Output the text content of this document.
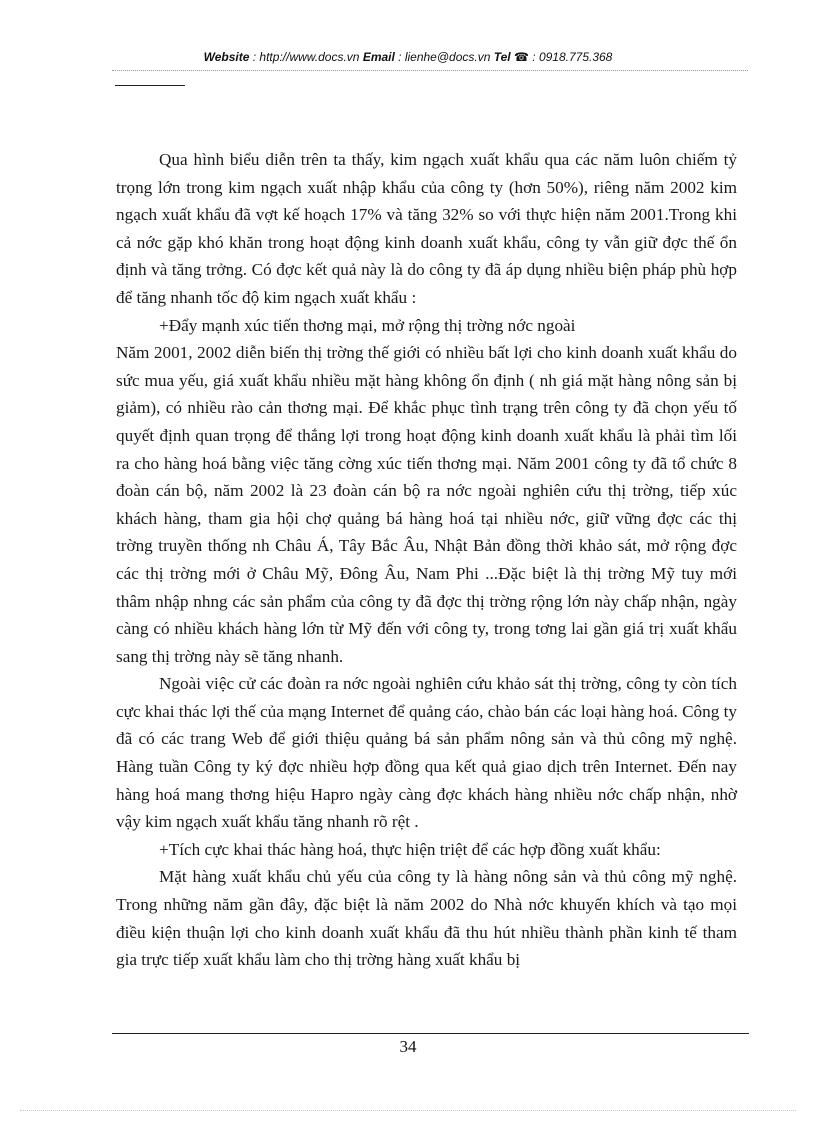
Website : http://www.docs.vn Email : lienhe@docs.vn Tel ☎ : 0918.775.368

Qua hình biểu diễn trên ta thấy, kim ngạch xuất khẩu qua các năm luôn chiếm tỷ trọng lớn trong kim ngạch xuất nhập khẩu của công ty (hơn 50%), riêng năm 2002 kim ngạch xuất khẩu đã vợt kế hoạch 17% và tăng 32% so với thực hiện năm 2001.Trong khi cả nớc gặp khó khăn trong hoạt động kinh doanh xuất khẩu, công ty vẫn giữ đợc thế ổn định và tăng trởng. Có đợc kết quả này là do công ty đã áp dụng nhiều biện pháp phù hợp để tăng nhanh tốc độ kim ngạch xuất khẩu :

+Đẩy mạnh xúc tiến thơng mại, mở rộng thị trờng nớc ngoài

Năm 2001, 2002 diễn biến thị trờng thế giới có nhiều bất lợi cho kinh doanh xuất khẩu do sức mua yếu, giá xuất khẩu nhiều mặt hàng không ổn định ( nh giá mặt hàng nông sản bị giảm), có nhiều rào cản thơng mại. Để khắc phục tình trạng trên công ty đã chọn yếu tố quyết định quan trọng để thắng lợi trong hoạt động kinh doanh xuất khẩu là phải tìm lối ra cho hàng hoá bằng việc tăng cờng xúc tiến thơng mại. Năm 2001 công ty đã tổ chức 8 đoàn cán bộ, năm 2002 là 23 đoàn cán bộ ra nớc ngoài nghiên cứu thị trờng, tiếp xúc khách hàng, tham gia hội chợ quảng bá hàng hoá tại nhiều nớc, giữ vững đợc các thị trờng truyền thống nh Châu Á, Tây Bắc Âu, Nhật Bản đồng thời khảo sát, mở rộng đợc các thị trờng mới ở Châu Mỹ, Đông Âu, Nam Phi ...Đặc biệt là thị trờng Mỹ tuy mới thâm nhập nhng các sản phẩm của công ty đã đợc thị trờng rộng lớn này chấp nhận, ngày càng có nhiều khách hàng lớn từ Mỹ đến với công ty, trong tơng lai gần giá trị xuất khẩu sang thị trờng này sẽ tăng nhanh.

Ngoài việc cử các đoàn ra nớc ngoài nghiên cứu khảo sát thị trờng, công ty còn tích cực khai thác lợi thế của mạng Internet để quảng cáo, chào bán các loại hàng hoá. Công ty đã có các trang Web để giới thiệu quảng bá sản phẩm nông sản và thủ công mỹ nghệ. Hàng tuần Công ty ký đợc nhiều hợp đồng qua kết quả giao dịch trên Internet. Đến nay hàng hoá mang thơng hiệu Hapro ngày càng đợc khách hàng nhiều nớc chấp nhận, nhờ vậy kim ngạch xuất khẩu tăng nhanh rõ rệt .

+Tích cực khai thác hàng hoá, thực hiện triệt để các hợp đồng xuất khẩu:

Mặt hàng xuất khẩu chủ yếu của công ty là hàng nông sản và thủ công mỹ nghệ. Trong những năm gần đây, đặc biệt là năm 2002 do Nhà nớc khuyến khích và tạo mọi điều kiện thuận lợi cho kinh doanh xuất khẩu đã thu hút nhiều thành phần kinh tế tham gia trực tiếp xuất khẩu làm cho thị trờng hàng xuất khẩu bị

34
